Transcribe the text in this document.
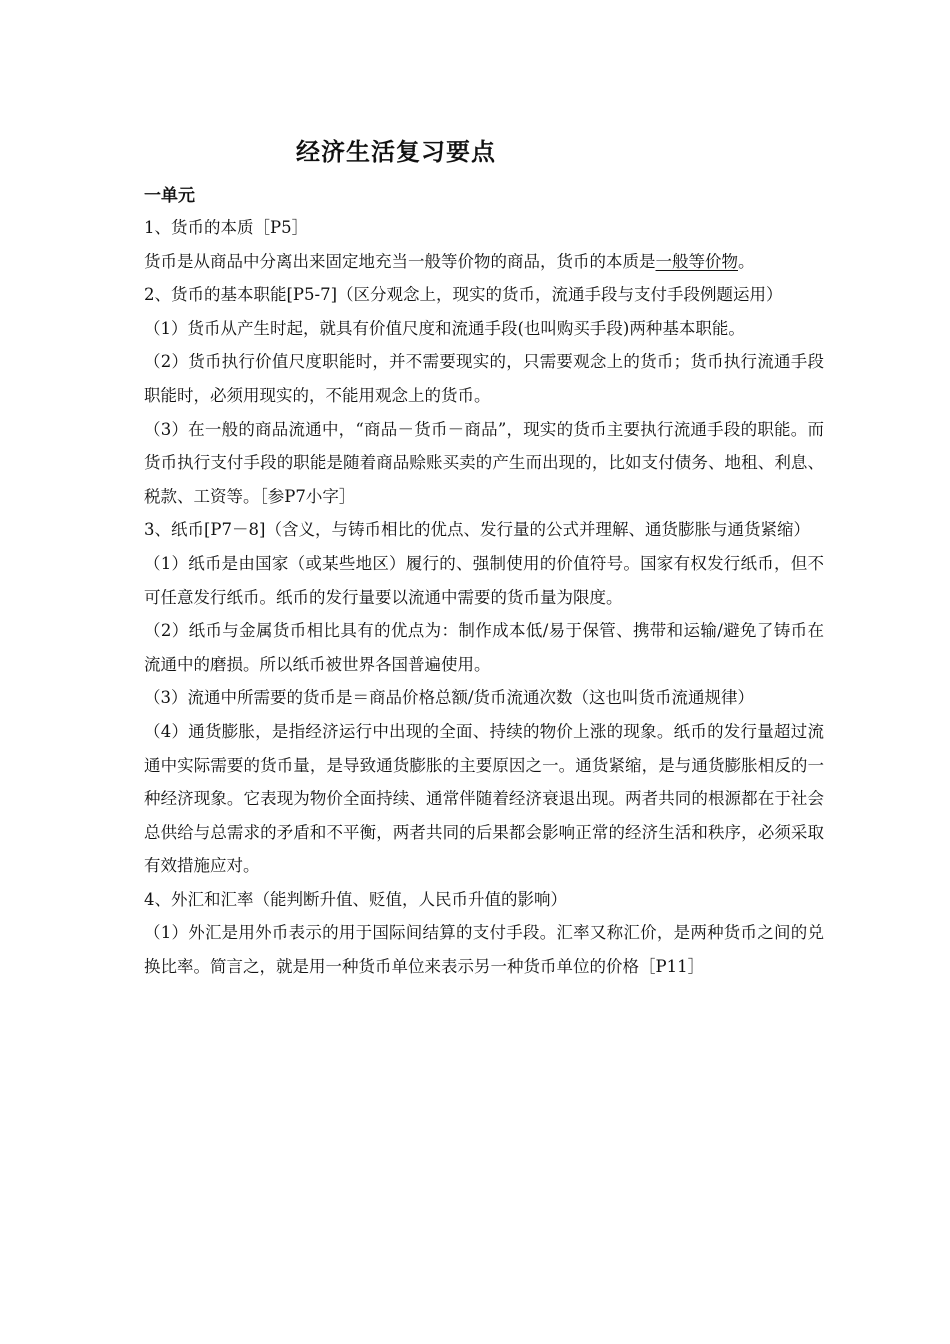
经济生活复习要点
一单元

1、货币的本质［P5］

货币是从商品中分离出来固定地充当一般等价物的商品，货币的本质是一般等价物。

2、货币的基本职能[P5-7]（区分观念上，现实的货币，流通手段与支付手段例题运用）

（1）货币从产生时起，就具有价值尺度和流通手段(也叫购买手段)两种基本职能。

（2）货币执行价值尺度职能时，并不需要现实的，只需要观念上的货币；货币执行流通手段职能时，必须用现实的，不能用观念上的货币。

（3）在一般的商品流通中，“商品－货币－商品”，现实的货币主要执行流通手段的职能。而货币执行支付手段的职能是随着商品赊账买卖的产生而出现的，比如支付债务、地租、利息、税款、工资等。［参P7小字］

3、纸币[P7－8]（含义，与铸币相比的优点、发行量的公式并理解、通货膨胀与通货紧缩）

（1）纸币是由国家（或某些地区）履行的、强制使用的价值符号。国家有权发行纸币，但不可任意发行纸币。纸币的发行量要以流通中需要的货币量为限度。

（2）纸币与金属货币相比具有的优点为：制作成本低/易于保管、携带和运输/避免了铸币在流通中的磨损。所以纸币被世界各国普遍使用。

（3）流通中所需要的货币是＝商品价格总额/货币流通次数（这也叫货币流通规律）

（4）通货膨胀，是指经济运行中出现的全面、持续的物价上涨的现象。纸币的发行量超过流通中实际需要的货币量，是导致通货膨胀的主要原因之一。通货紧缩，是与通货膨胀相反的一种经济现象。它表现为物价全面持续、通常伴随着经济衰退出现。两者共同的根源都在于社会总供给与总需求的矛盾和不平衡，两者共同的后果都会影响正常的经济生活和秩序，必须采取有效措施应对。

4、外汇和汇率（能判断升值、贬值，人民币升值的影响）

（1）外汇是用外币表示的用于国际间结算的支付手段。汇率又称汇价，是两种货币之间的兑换比率。简言之，就是用一种货币单位来表示另一种货币单位的价格［P11］
